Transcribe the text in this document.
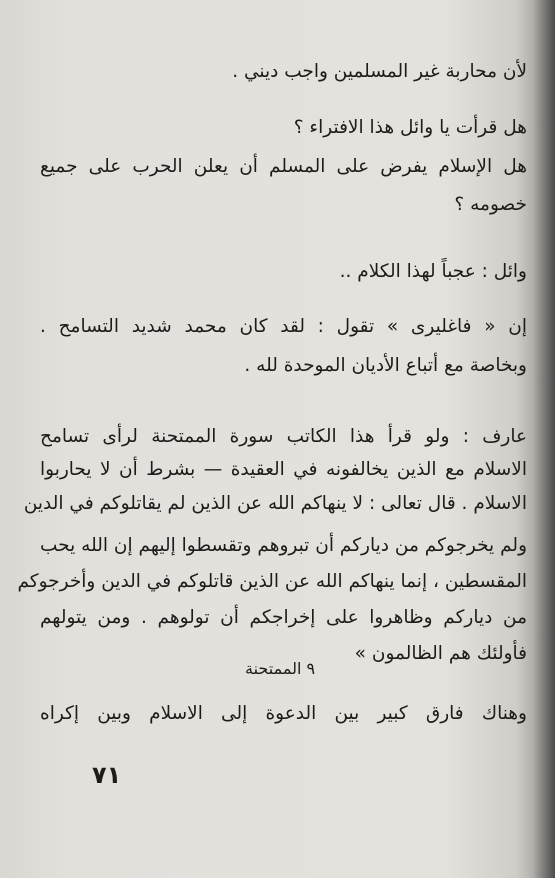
لأن محاربة غير المسلمين واجب ديني .
هل قرأت يا وائل هذا الافتراء ؟
هل الإسلام يفرض على المسلم أن يعلن الحرب على جميع
خصومه ؟
وائل : عجباً لهذا الكلام ..
إن « فاغليرى » تقول : لقد كان محمد شديد التسامح .
وبخاصة مع أتباع الأديان الموحدة لله .
عارف : ولو قرأ هذا الكاتب سورة الممتحنة لرأى تسامح
الاسلام مع الذين يخالفونه في العقيدة — بشرط أن لا يحاربوا
الاسلام . قال تعالى : لا ينهاكم الله عن الذين لم يقاتلوكم في الدين
ولم يخرجوكم من دياركم أن تبروهم وتقسطوا إليهم إن الله يحب
المقسطين ، إنما ينهاكم الله عن الذين قاتلوكم في الدين وأخرجوكم
من دياركم وظاهروا على إخراجكم أن تولوهم . ومن يتولهم
فأولئك هم الظالمون »
٩ الممتحنة
وهناك فارق كبير بين الدعوة إلى الاسلام وبين إكراه
٧١
